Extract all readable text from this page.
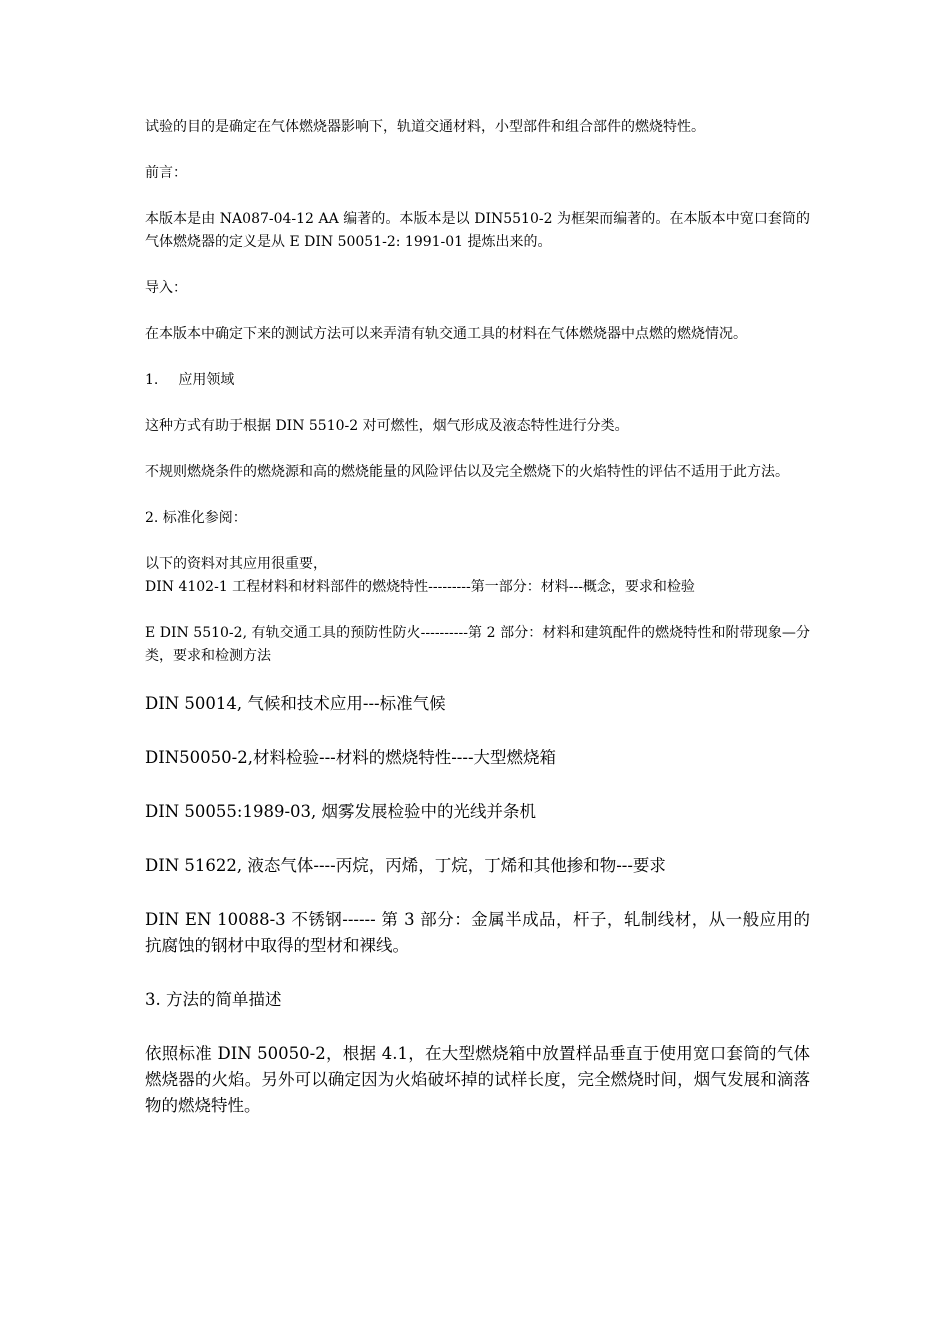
试验的目的是确定在气体燃烧器影响下，轨道交通材料，小型部件和组合部件的燃烧特性。

前言：

本版本是由 NA087-04-12 AA 编著的。本版本是以 DIN5510-2 为框架而编著的。在本版本中宽口套筒的气体燃烧器的定义是从 E DIN 50051-2: 1991-01 提炼出来的。

导入：

在本版本中确定下来的测试方法可以来弄清有轨交通工具的材料在气体燃烧器中点燃的燃烧情况。

1. 应用领域

这种方式有助于根据 DIN 5510-2 对可燃性，烟气形成及液态特性进行分类。

不规则燃烧条件的燃烧源和高的燃烧能量的风险评估以及完全燃烧下的火焰特性的评估不适用于此方法。

2. 标准化参阅：

以下的资料对其应用很重要，

DIN 4102-1 工程材料和材料部件的燃烧特性---------第一部分：材料---概念，要求和检验

E DIN 5510-2, 有轨交通工具的预防性防火----------第 2 部分：材料和建筑配件的燃烧特性和附带现象—分类，要求和检测方法

DIN 50014, 气候和技术应用---标准气候

DIN50050-2,材料检验---材料的燃烧特性----大型燃烧箱

DIN 50055:1989-03, 烟雾发展检验中的光线并条机

DIN 51622, 液态气体----丙烷，丙烯，丁烷，丁烯和其他掺和物---要求

DIN EN 10088-3 不锈钢------ 第 3 部分：金属半成品，杆子，轧制线材，从一般应用的抗腐蚀的钢材中取得的型材和裸线。

3. 方法的简单描述

依照标准 DIN 50050-2，根据 4.1，在大型燃烧箱中放置样品垂直于使用宽口套筒的气体燃烧器的火焰。另外可以确定因为火焰破坏掉的试样长度，完全燃烧时间，烟气发展和滴落物的燃烧特性。
